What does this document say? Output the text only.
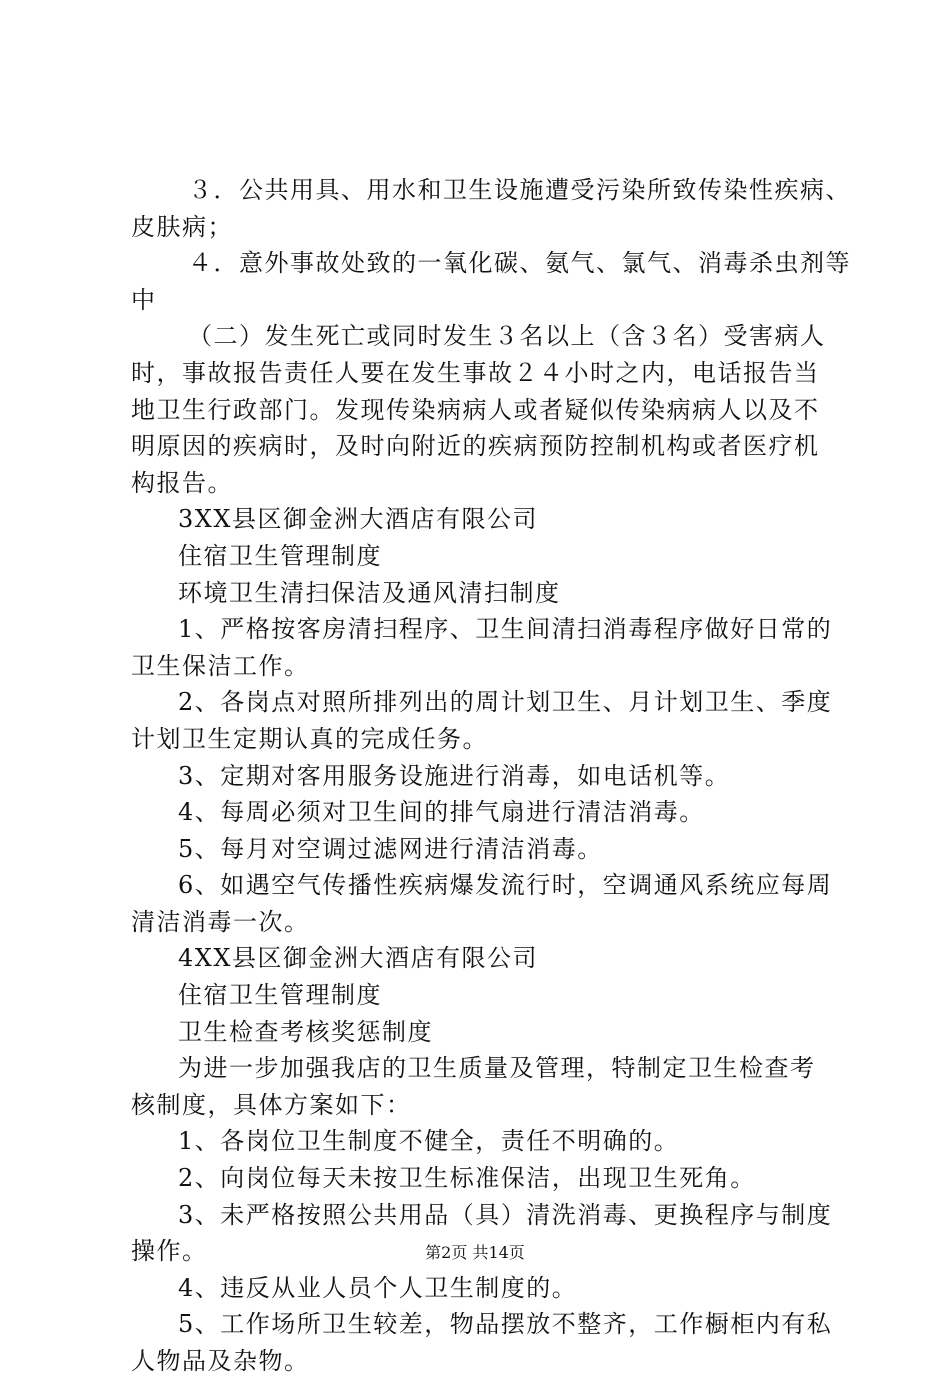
３．公共用具、用水和卫生设施遭受污染所致传染性疾病、
皮肤病；
４．意外事故处致的一氧化碳、氨气、氯气、消毒杀虫剂等
中
（二）发生死亡或同时发生３名以上（含３名）受害病人
时，事故报告责任人要在发生事故２４小时之内，电话报告当
地卫生行政部门。发现传染病病人或者疑似传染病病人以及不
明原因的疾病时，及时向附近的疾病预防控制机构或者医疗机
构报告。
3XX县区御金洲大酒店有限公司
住宿卫生管理制度
环境卫生清扫保洁及通风清扫制度
1、严格按客房清扫程序、卫生间清扫消毒程序做好日常的
卫生保洁工作。
2、各岗点对照所排列出的周计划卫生、月计划卫生、季度
计划卫生定期认真的完成任务。
3、定期对客用服务设施进行消毒，如电话机等。
4、每周必须对卫生间的排气扇进行清洁消毒。
5、每月对空调过滤网进行清洁消毒。
6、如遇空气传播性疾病爆发流行时，空调通风系统应每周
清洁消毒一次。
4XX县区御金洲大酒店有限公司
住宿卫生管理制度
卫生检查考核奖惩制度
为进一步加强我店的卫生质量及管理，特制定卫生检查考
核制度，具体方案如下：
1、各岗位卫生制度不健全，责任不明确的。
2、向岗位每天未按卫生标准保洁，出现卫生死角。
3、未严格按照公共用品（具）清洗消毒、更换程序与制度
操作。
4、违反从业人员个人卫生制度的。
5、工作场所卫生较差，物品摆放不整齐，工作橱柜内有私
人物品及杂物。
第2页 共14页
